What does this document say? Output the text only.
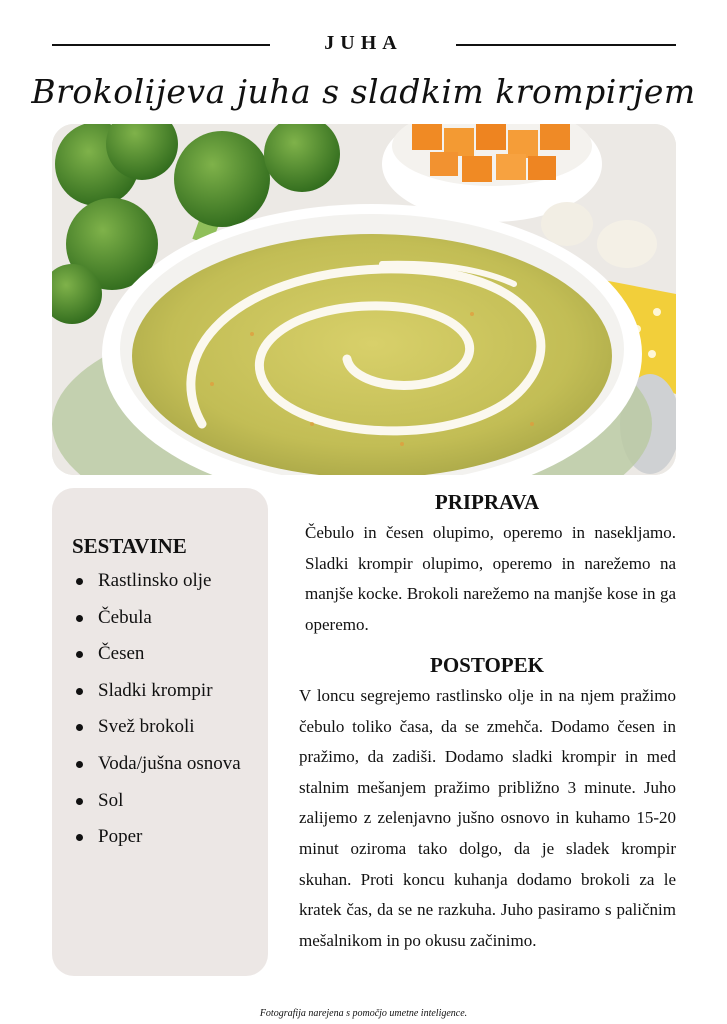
JUHA
Brokolijeva juha s sladkim krompirjem
SESTAVINE
Rastlinsko olje
Čebula
Česen
Sladki krompir
Svež brokoli
Voda/jušna osnova
Sol
Poper
PRIPRAVA
Čebulo in česen olupimo, operemo in nasekljamo. Sladki krompir olupimo, operemo in narežemo na manjše kocke. Brokoli narežemo na manjše kose in ga operemo.
POSTOPEK
V loncu segrejemo rastlinsko olje in na njem pražimo čebulo toliko časa, da se zmehča. Dodamo česen in pražimo, da zadiši. Dodamo sladki krompir in med stalnim mešanjem pražimo približno 3 minute. Juho zalijemo z zelenjavno jušno osnovo in kuhamo 15-20 minut oziroma tako dolgo, da je sladek krompir skuhan. Proti koncu kuhanja dodamo brokoli za le kratek čas, da se ne razkuha. Juho pasiramo s paličnim mešalnikom in po okusu začinimo.
Fotografija narejena s pomočjo umetne inteligence.
